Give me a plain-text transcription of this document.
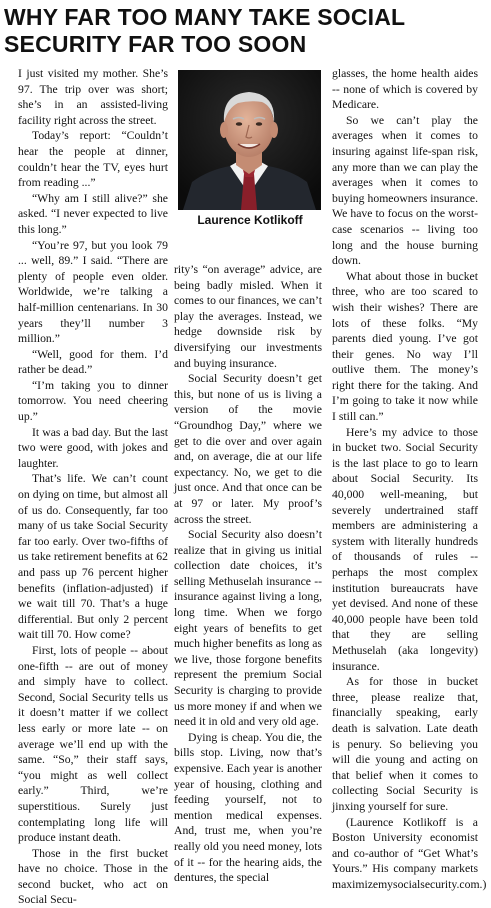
WHY FAR TOO MANY TAKE SOCIAL
SECURITY FAR TOO SOON

I just visited my mother. She’s 97. The trip over was short; she’s in an assisted-living facility right across the street.

Today’s report: “Couldn’t hear the people at dinner, couldn’t hear the TV, eyes hurt from reading ...”

“Why am I still alive?” she asked. “I never expected to live this long.”

“You’re 97, but you look 79 ... well, 89.” I said. “There are plenty of people even older. Worldwide, we’re talking a half-million centenarians. In 30 years they’ll number 3 million.”

“Well, good for them. I’d rather be dead.”

“I’m taking you to dinner tomorrow. You need cheering up.”

It was a bad day. But the last two were good, with jokes and laughter.

That’s life. We can’t count on dying on time, but almost all of us do. Consequently, far too many of us take Social Security far too early. Over two-fifths of us take retirement benefits at 62 and pass up 76 percent higher benefits (inflation-adjusted) if we wait till 70. That’s a huge differential. But only 2 percent wait till 70. How come?

First, lots of people -- about one-fifth -- are out of money and simply have to collect. Second, Social Security tells us it doesn’t matter if we collect less early or more late -- on average we’ll end up with the same. “So,” their staff says, “you might as well collect early.” Third, we’re superstitious. Surely just contemplating long life will produce instant death.

Those in the first bucket have no choice. Those in the second bucket, who act on Social Secu-

Laurence Kotlikoff

rity’s “on average” advice, are being badly misled. When it comes to our finances, we can’t play the averages. Instead, we hedge downside risk by diversifying our investments and buying insurance.

Social Security doesn’t get this, but none of us is living a version of the movie “Groundhog Day,” where we get to die over and over again and, on average, die at our life expectancy. No, we get to die just once. And that once can be at 97 or later. My proof’s across the street.

Social Security also doesn’t realize that in giving us initial collection date choices, it’s selling Methuselah insurance -- insurance against living a long, long time. When we forgo eight years of benefits to get much higher benefits as long as we live, those forgone benefits represent the premium Social Security is charging to provide us more money if and when we need it in old and very old age.

Dying is cheap. You die, the bills stop. Living, now that’s expensive. Each year is another year of housing, clothing and feeding yourself, not to mention medical expenses. And, trust me, when you’re really old you need money, lots of it -- for the hearing aids, the dentures, the special

glasses, the home health aides -- none of which is covered by Medicare.

So we can’t play the averages when it comes to insuring against life-span risk, any more than we can play the averages when it comes to buying homeowners insurance. We have to focus on the worst-case scenarios -- living too long and the house burning down.

What about those in bucket three, who are too scared to wish their wishes? There are lots of these folks. “My parents died young. I’ve got their genes. No way I’ll outlive them. The money’s right there for the taking. And I’m going to take it now while I still can.”

Here’s my advice to those in bucket two. Social Security is the last place to go to learn about Social Security. Its 40,000 well-meaning, but severely undertrained staff members are administering a system with literally hundreds of thousands of rules -- perhaps the most complex institution bureaucrats have yet devised. And none of these 40,000 people have been told that they are selling Methuselah (aka longevity) insurance.

As for those in bucket three, please realize that, financially speaking, early death is salvation. Late death is penury. So believing you will die young and acting on that belief when it comes to collecting Social Security is jinxing yourself for sure.

(Laurence Kotlikoff is a Boston University economist and co-author of “Get What’s Yours.” His company markets maximizemysocialsecurity.com.)
